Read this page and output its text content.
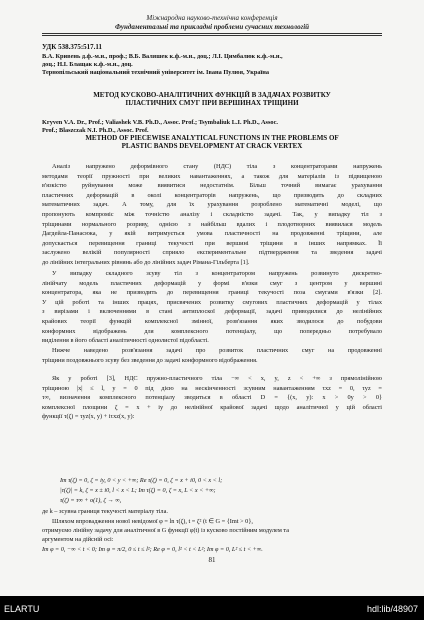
Міжнародна науково-технічна конференція
Фундаментальні та прикладні проблеми сучасних технологій
УДК 538.375:517.11
В.А. Кривень д.ф.-м.н., проф.; В.Б. Валяшек к.ф.-м.н., доц.; Л.І. Цимбалюк к.ф.-м.н.,
доц.; Н.І. Блащак к.ф.-м.н., доц.
Тернопільський національний технічний університет ім. Івана Пулюя, Україна
МЕТОД КУСКОВО-АНАЛІТИЧНИХ ФУНКЦІЙ В ЗАДАЧАХ РОЗВИТКУ
ПЛАСТИЧНИХ СМУГ ПРИ ВЕРШИНАХ ТРІЩИНИ
Kryven V.A. Dr., Prof.; Valiashek V.B. Ph.D., Assoc. Prof.; Tsymbaliuk L.I. Ph.D., Assoc.
Prof.; Blaszczak N.I. Ph.D., Assoc. Prof.
METHOD OF PIECEWISE ANALYTICAL FUNCTIONS IN THE PROBLEMS OF
PLASTIC BANDS DEVELOPMENT AT CRACK VERTEX
Аналіз напружено деформівного стану (НДС) тіла з концентраторами напружень
методами теорії пружності при великих навантаженнях, а також для матеріалів із підвищеною
в'язкістю руйнування може виявитися недостатнім. Більш точний вимагає урахування
пластичних деформацій в околі концентраторів напружень, що призводить до складних
математичних задач. А тому, для їх урахування розроблено математичні моделі, що
пропонують компроміс між точністю аналізу і складністю задачі. Так, у випадку тіл з
тріщинами нормального розриву, однією з найбільш вдалих і плодотворних виявилася модель
Дагдейла-Панасюка, у якій витримується умова пластичності на продовженні тріщини, але
допускається перевищення границі текучості при вершині тріщини в інших напрямках. Її
заслужено велікій популярності сприяло експериментальне підтвердження та зведення задачі
до лінійних інтегральних рівнянь або до лінійних задач Рімана-Гільберта [1].
У випадку складного зсуву тіл з концентратором напружень розвинуто дискретно-
лінійчату модель пластичних деформацій у формі в'язки смуг з центром у вершині
концентратора, яка не призводить до перевищення границі текучості поза смугами в'язки [2].
У цій роботі та інших працях, присвячених розвитку смугових пластичних деформацій у тілах
з вирізами і включеннями в стані антиплоскої деформації, задачі приводилися до нелінійних
крайових теорії функцій комплексної змінної, розв'язання яких зводилося до побудови
конформних відображень для комплексного потенціалу, що попередньо потребувало
виділення в його області аналітичності однолистої підобласті.
Нижче наведено розв'язання задачі про розвиток пластичних смуг на продовженні
тріщини поздовжнього зсуву без зведення до задачі конформного відображення.
Як у роботі [3], НДС пружно-пластичного тіла −∞ < x, y, z < +∞ з прямолінійною
тріщиною |x| ≤ l, y = 0 під дією на нескінченності зсувним навантаженням τxz = 0, τyz =
τ∞, визначення комплексного потенціалу зводиться в області D = {(x, y): x > 0y > 0}
комплексної площини ζ = x + iy до нелінійної крайової задачі щодо аналітичної у цій області
функції τ(ζ) = τyz(x, y) + iτxz(x, y):
Im τ(ζ) = 0, ζ = iy, 0 < y < +∞; Re τ(ζ) = 0, ζ = x + i0, 0 < x < l;
|τ(ζ)| = k, ζ = x ± i0, l < x < L; Im τ(ζ) = 0, ζ = x, L < x < +∞;
τ(ζ) = τ∞ + o(1), ζ → ∞,
де k – зсувна границя текучості матеріалу тіла.
Шляхом впровадження нової невідомої φ = ln τ(ζ), t = ζ² (t ∈ G = {Imt > 0},
отримуємо лінійну задачу для аналітичної в G функції φ(t) із кусково постійним модулем та
аргументом на дійсній осі:
Im φ = 0, −∞ < t < 0; Im φ = π/2, 0 ≤ t ≤ l²; Re φ = 0, l² < t < L²; Im φ = 0, L² ≤ t < +∞.
81
ELARTU	hdl:lib/48907
